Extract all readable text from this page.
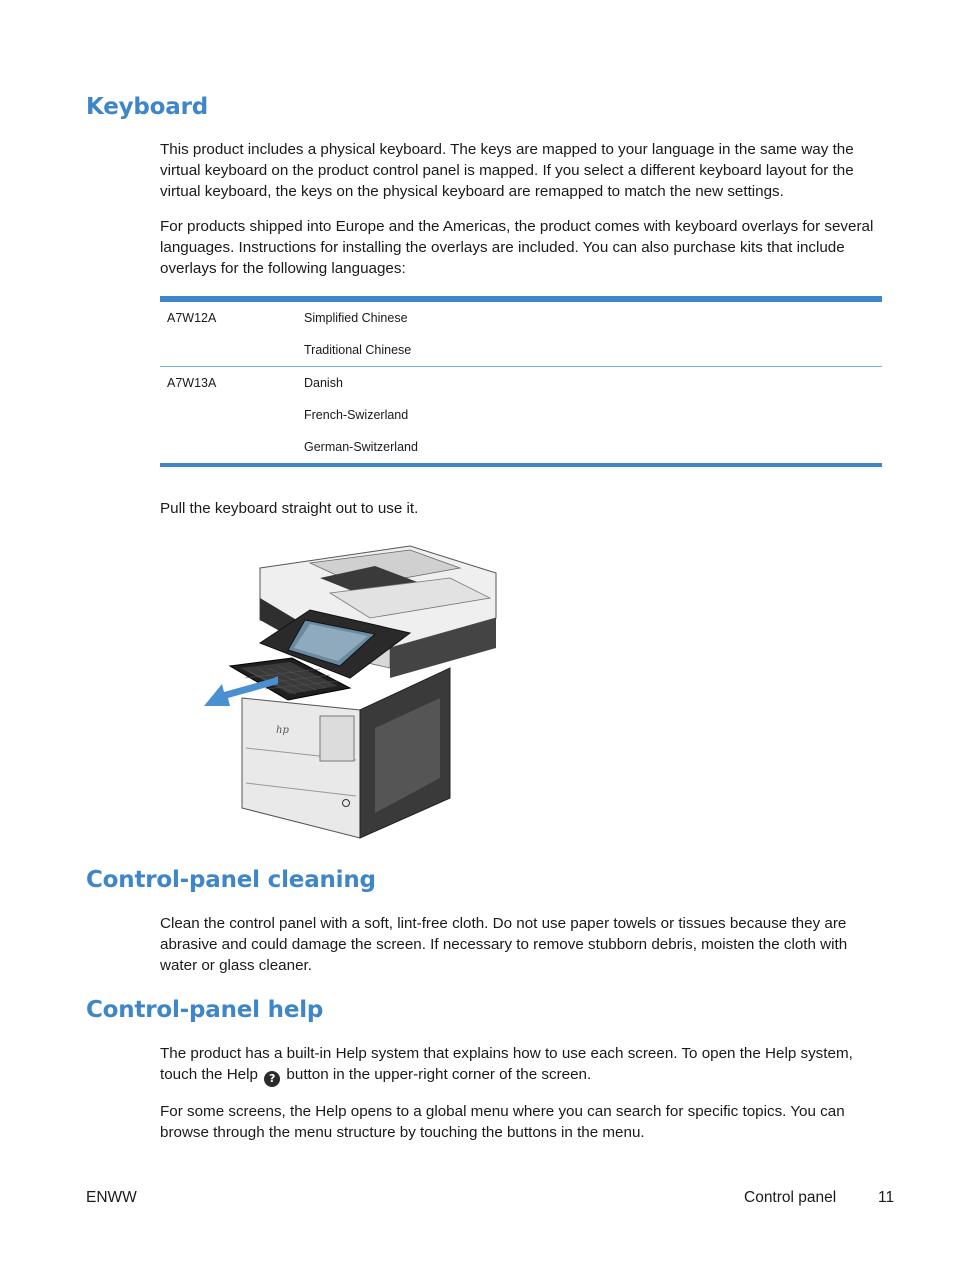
Keyboard

This product includes a physical keyboard. The keys are mapped to your language in the same way the virtual keyboard on the product control panel is mapped. If you select a different keyboard layout for the virtual keyboard, the keys on the physical keyboard are remapped to match the new settings.

For products shipped into Europe and the Americas, the product comes with keyboard overlays for several languages. Instructions for installing the overlays are included. You can also purchase kits that include overlays for the following languages:

A7W12A	Simplified Chinese
Traditional Chinese
A7W13A	Danish
French-Swizerland
German-Switzerland

Pull the keyboard straight out to use it.

hp
Control-panel cleaning

Clean the control panel with a soft, lint-free cloth. Do not use paper towels or tissues because they are abrasive and could damage the screen. If necessary to remove stubborn debris, moisten the cloth with water or glass cleaner.

Control-panel help

The product has a built-in Help system that explains how to use each screen. To open the Help system,
touch the Help ? button in the upper-right corner of the screen.

For some screens, the Help opens to a global menu where you can search for specific topics. You can browse through the menu structure by touching the buttons in the menu.

ENWW	Control panel	11
